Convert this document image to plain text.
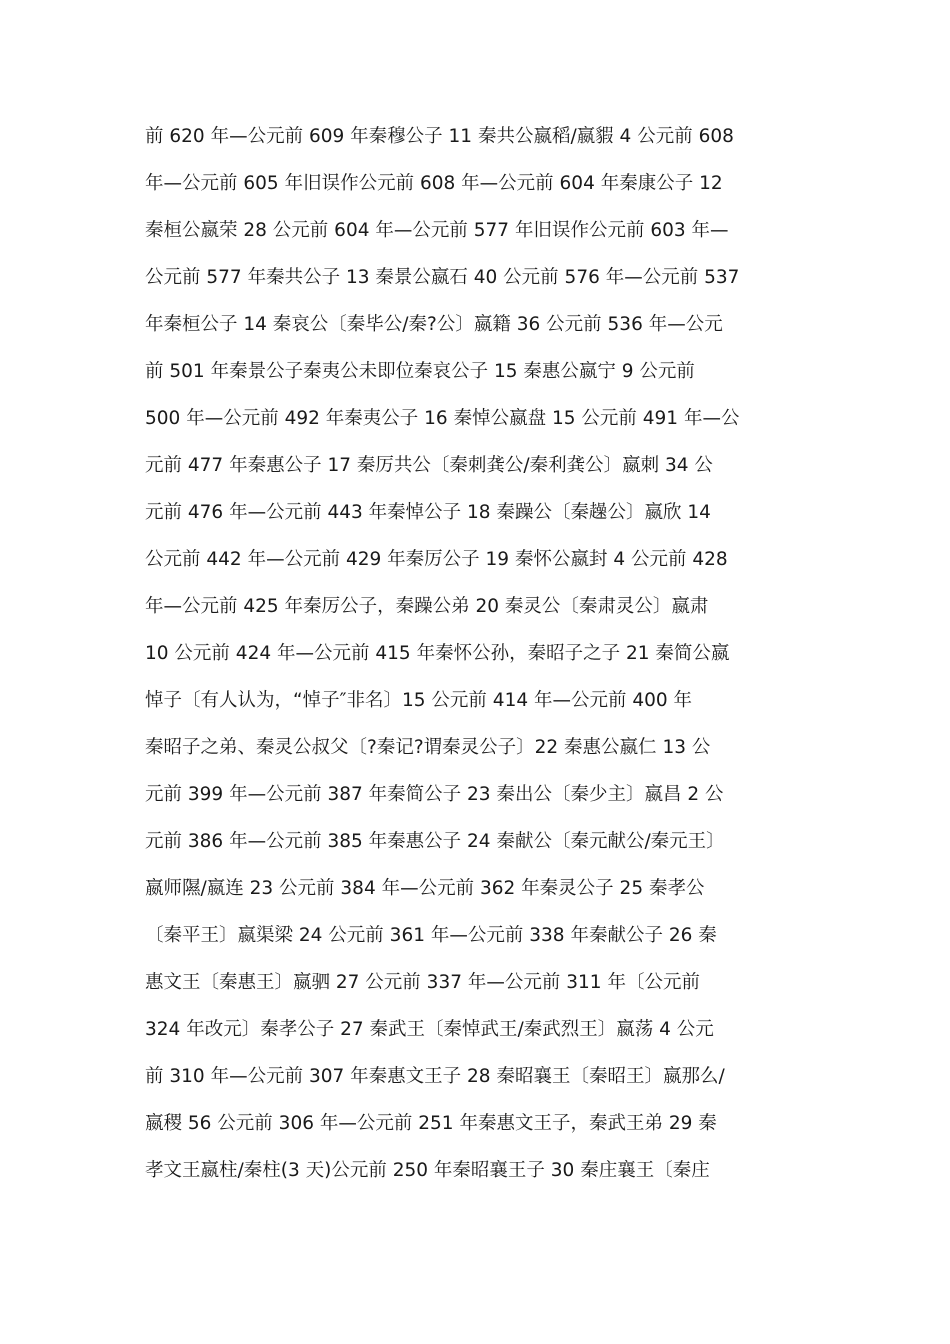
前 620 年—公元前 609 年秦穆公子 11 秦共公嬴稻/嬴貑 4 公元前 608
年—公元前 605 年旧误作公元前 608 年—公元前 604 年秦康公子 12
秦桓公嬴荣 28 公元前 604 年—公元前 577 年旧误作公元前 603 年—
公元前 577 年秦共公子 13 秦景公嬴石 40 公元前 576 年—公元前 537
年秦桓公子 14 秦哀公〔秦毕公/秦?公〕嬴籍 36 公元前 536 年—公元
前 501 年秦景公子秦夷公未即位秦哀公子 15 秦惠公嬴宁 9 公元前
500 年—公元前 492 年秦夷公子 16 秦悼公嬴盘 15 公元前 491 年—公
元前 477 年秦惠公子 17 秦厉共公〔秦刺龚公/秦利龚公〕嬴刺 34 公
元前 476 年—公元前 443 年秦悼公子 18 秦躁公〔秦趮公〕嬴欣 14
公元前 442 年—公元前 429 年秦厉公子 19 秦怀公嬴封 4 公元前 428
年—公元前 425 年秦厉公子，秦躁公弟 20 秦灵公〔秦肃灵公〕嬴肃
10 公元前 424 年—公元前 415 年秦怀公孙，秦昭子之子 21 秦简公嬴
悼子〔有人认为，“悼子″非名〕15 公元前 414 年—公元前 400 年
秦昭子之弟、秦灵公叔父〔?秦记?谓秦灵公子〕22 秦惠公嬴仁 13 公
元前 399 年—公元前 387 年秦简公子 23 秦出公〔秦少主〕嬴昌 2 公
元前 386 年—公元前 385 年秦惠公子 24 秦献公〔秦元献公/秦元王〕
嬴师隰/嬴连 23 公元前 384 年—公元前 362 年秦灵公子 25 秦孝公
〔秦平王〕嬴渠梁 24 公元前 361 年—公元前 338 年秦献公子 26 秦
惠文王〔秦惠王〕嬴驷 27 公元前 337 年—公元前 311 年〔公元前
324 年改元〕秦孝公子 27 秦武王〔秦悼武王/秦武烈王〕嬴荡 4 公元
前 310 年—公元前 307 年秦惠文王子 28 秦昭襄王〔秦昭王〕嬴那么/
嬴稷 56 公元前 306 年—公元前 251 年秦惠文王子，秦武王弟 29 秦
孝文王嬴柱/秦柱(3 天)公元前 250 年秦昭襄王子 30 秦庄襄王〔秦庄
